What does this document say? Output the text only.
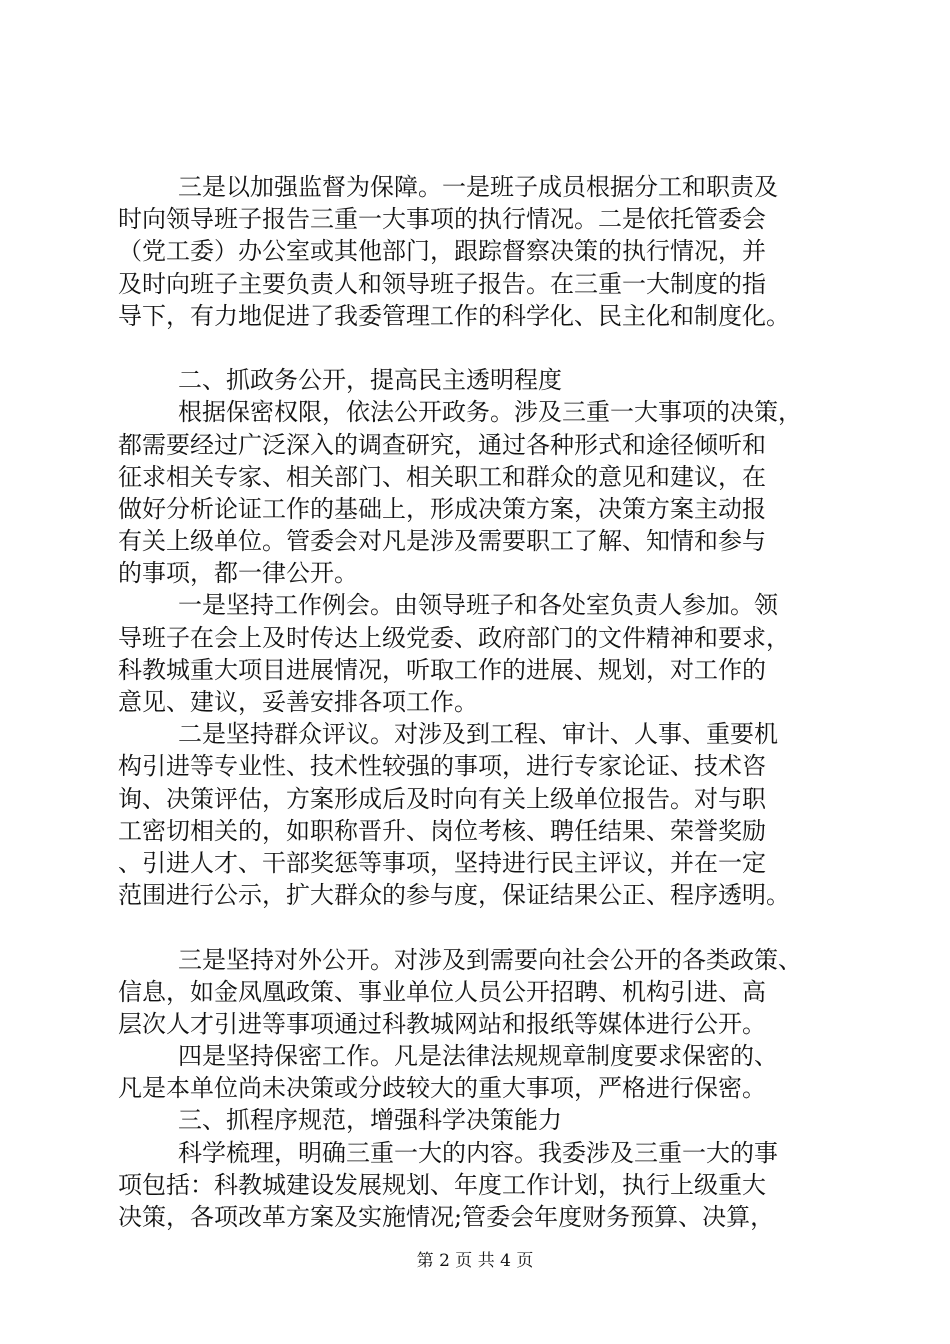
三是以加强监督为保障。一是班子成员根据分工和职责及
时向领导班子报告三重一大事项的执行情况。二是依托管委会
（党工委）办公室或其他部门，跟踪督察决策的执行情况，并
及时向班子主要负责人和领导班子报告。在三重一大制度的指
导下，有力地促进了我委管理工作的科学化、民主化和制度化。
二、抓政务公开，提高民主透明程度
根据保密权限，依法公开政务。涉及三重一大事项的决策，
都需要经过广泛深入的调查研究，通过各种形式和途径倾听和
征求相关专家、相关部门、相关职工和群众的意见和建议，在
做好分析论证工作的基础上，形成决策方案，决策方案主动报
有关上级单位。管委会对凡是涉及需要职工了解、知情和参与
的事项，都一律公开。
一是坚持工作例会。由领导班子和各处室负责人参加。领
导班子在会上及时传达上级党委、政府部门的文件精神和要求，
科教城重大项目进展情况，听取工作的进展、规划，对工作的
意见、建议，妥善安排各项工作。
二是坚持群众评议。对涉及到工程、审计、人事、重要机
构引进等专业性、技术性较强的事项，进行专家论证、技术咨
询、决策评估，方案形成后及时向有关上级单位报告。对与职
工密切相关的，如职称晋升、岗位考核、聘任结果、荣誉奖励
、引进人才、干部奖惩等事项，坚持进行民主评议，并在一定
范围进行公示，扩大群众的参与度，保证结果公正、程序透明。
三是坚持对外公开。对涉及到需要向社会公开的各类政策、
信息，如金凤凰政策、事业单位人员公开招聘、机构引进、高
层次人才引进等事项通过科教城网站和报纸等媒体进行公开。
四是坚持保密工作。凡是法律法规规章制度要求保密的、
凡是本单位尚未决策或分歧较大的重大事项，严格进行保密。
三、抓程序规范，增强科学决策能力
科学梳理，明确三重一大的内容。我委涉及三重一大的事
项包括：科教城建设发展规划、年度工作计划，执行上级重大
决策，各项改革方案及实施情况;管委会年度财务预算、决算，
第 2 页 共 4 页
